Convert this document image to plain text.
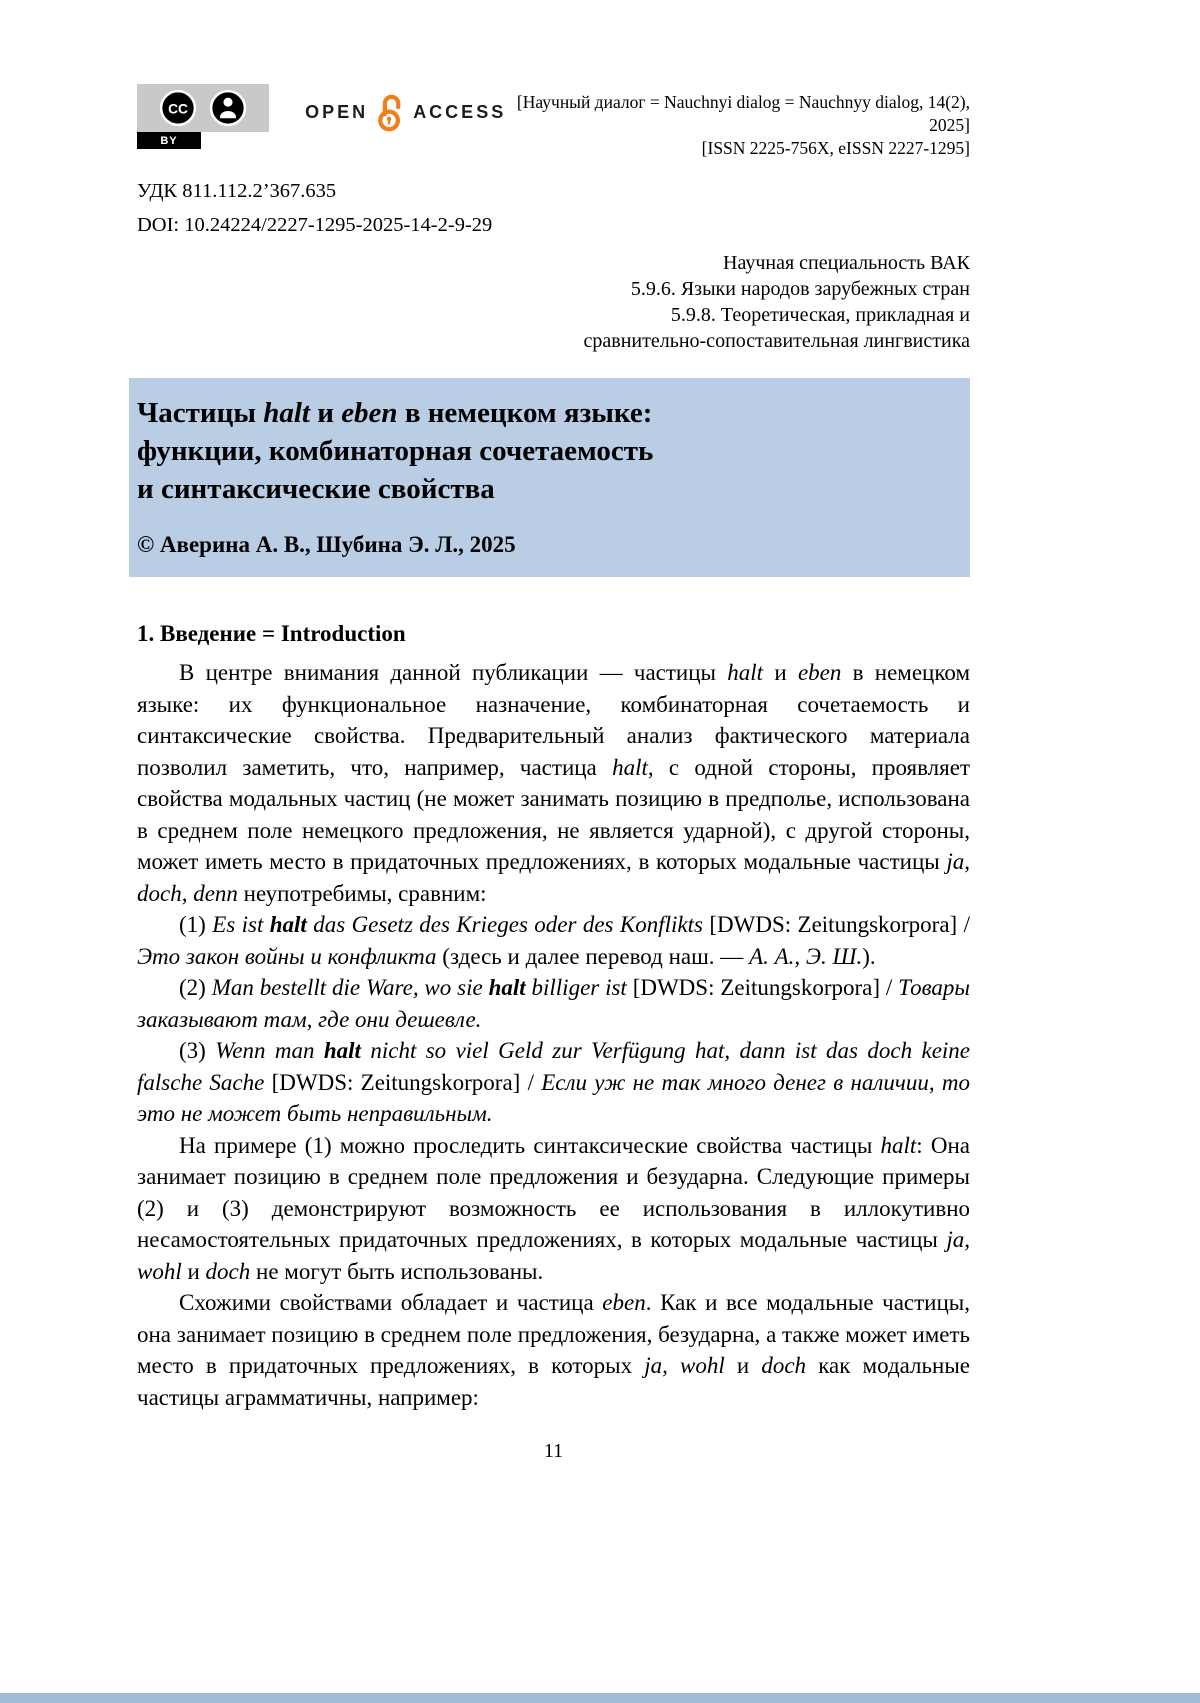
CC
BY
OPEN	ACCESS [Научный диалог = Nauchnyi dialog = Nauchnyy dialog, 14(2), 2025]
[ISSN 2225-756X, eISSN 2227-1295]
УДК 811.112.2’367.635
DOI: 10.24224/2227-1295-2025-14-2-9-29
Научная специальность ВАК
5.9.6. Языки народов зарубежных стран
5.9.8. Теоретическая, прикладная и
сравнительно-сопоставительная лингвистика
Частицы halt и eben в немецком языке:
функции, комбинаторная сочетаемость
и синтаксические свойства
© Аверина А. В., Шубина Э. Л., 2025
1. Введение = Introduction

В центре внимания данной публикации — частицы halt и eben в немецком языке: их функциональное назначение, комбинаторная сочетаемость и синтаксические свойства. Предварительный анализ фактического материала позволил заметить, что, например, частица halt, с одной стороны, проявляет свойства модальных частиц (не может занимать позицию в предполье, использована в среднем поле немецкого предложения, не является ударной), с другой стороны, может иметь место в придаточных предложениях, в которых модальные частицы ja, doch, denn неупотребимы, сравним:

(1) Es ist halt das Gesetz des Krieges oder des Konflikts [DWDS: Zeitungskorpora] / Это закон войны и конфликта (здесь и далее перевод наш. — А. А., Э. Ш.).

(2) Man bestellt die Ware, wo sie halt billiger ist [DWDS: Zeitungskorpora] / Товары заказывают там, где они дешевле.

(3) Wenn man halt nicht so viel Geld zur Verfügung hat, dann ist das doch keine falsche Sache [DWDS: Zeitungskorpora] / Если уж не так много денег в наличии, то это не может быть неправильным.

На примере (1) можно проследить синтаксические свойства частицы halt: Она занимает позицию в среднем поле предложения и безударна. Следующие примеры (2) и (3) демонстрируют возможность ее использования в иллокутивно несамостоятельных придаточных предложениях, в которых модальные частицы ja, wohl и doch не могут быть использованы.

Схожими свойствами обладает и частица eben. Как и все модальные частицы, она занимает позицию в среднем поле предложения, безударна, а также может иметь место в придаточных предложениях, в которых ja, wohl и doch как модальные частицы аграмматичны, например:

11
